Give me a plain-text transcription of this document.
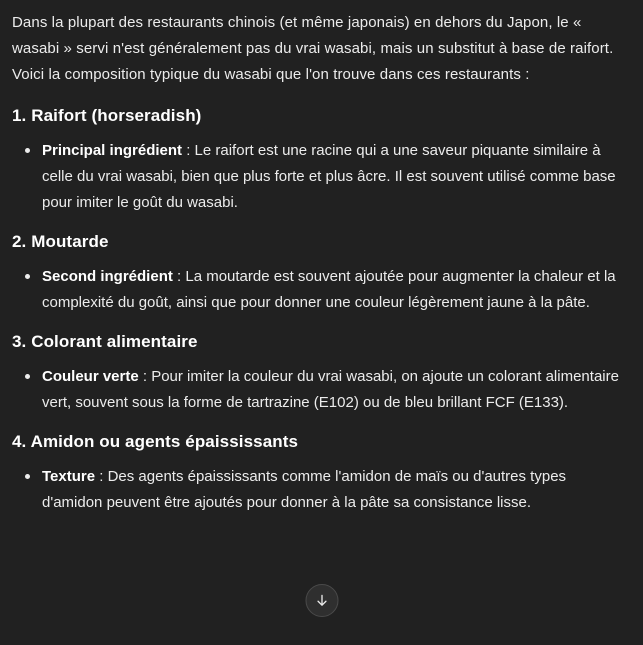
Dans la plupart des restaurants chinois (et même japonais) en dehors du Japon, le « wasabi » servi n'est généralement pas du vrai wasabi, mais un substitut à base de raifort. Voici la composition typique du wasabi que l'on trouve dans ces restaurants :

1. Raifort (horseradish)
Principal ingrédient : Le raifort est une racine qui a une saveur piquante similaire à celle du vrai wasabi, bien que plus forte et plus âcre. Il est souvent utilisé comme base pour imiter le goût du wasabi.
2. Moutarde
Second ingrédient : La moutarde est souvent ajoutée pour augmenter la chaleur et la complexité du goût, ainsi que pour donner une couleur légèrement jaune à la pâte.
3. Colorant alimentaire
Couleur verte : Pour imiter la couleur du vrai wasabi, on ajoute un colorant alimentaire vert, souvent sous la forme de tartrazine (E102) ou de bleu brillant FCF (E133).
4. Amidon ou agents épaississants
Texture : Des agents épaississants comme l'amidon de maïs ou d'autres types d'amidon peuvent être ajoutés pour donner à la pâte sa consistance lisse.
